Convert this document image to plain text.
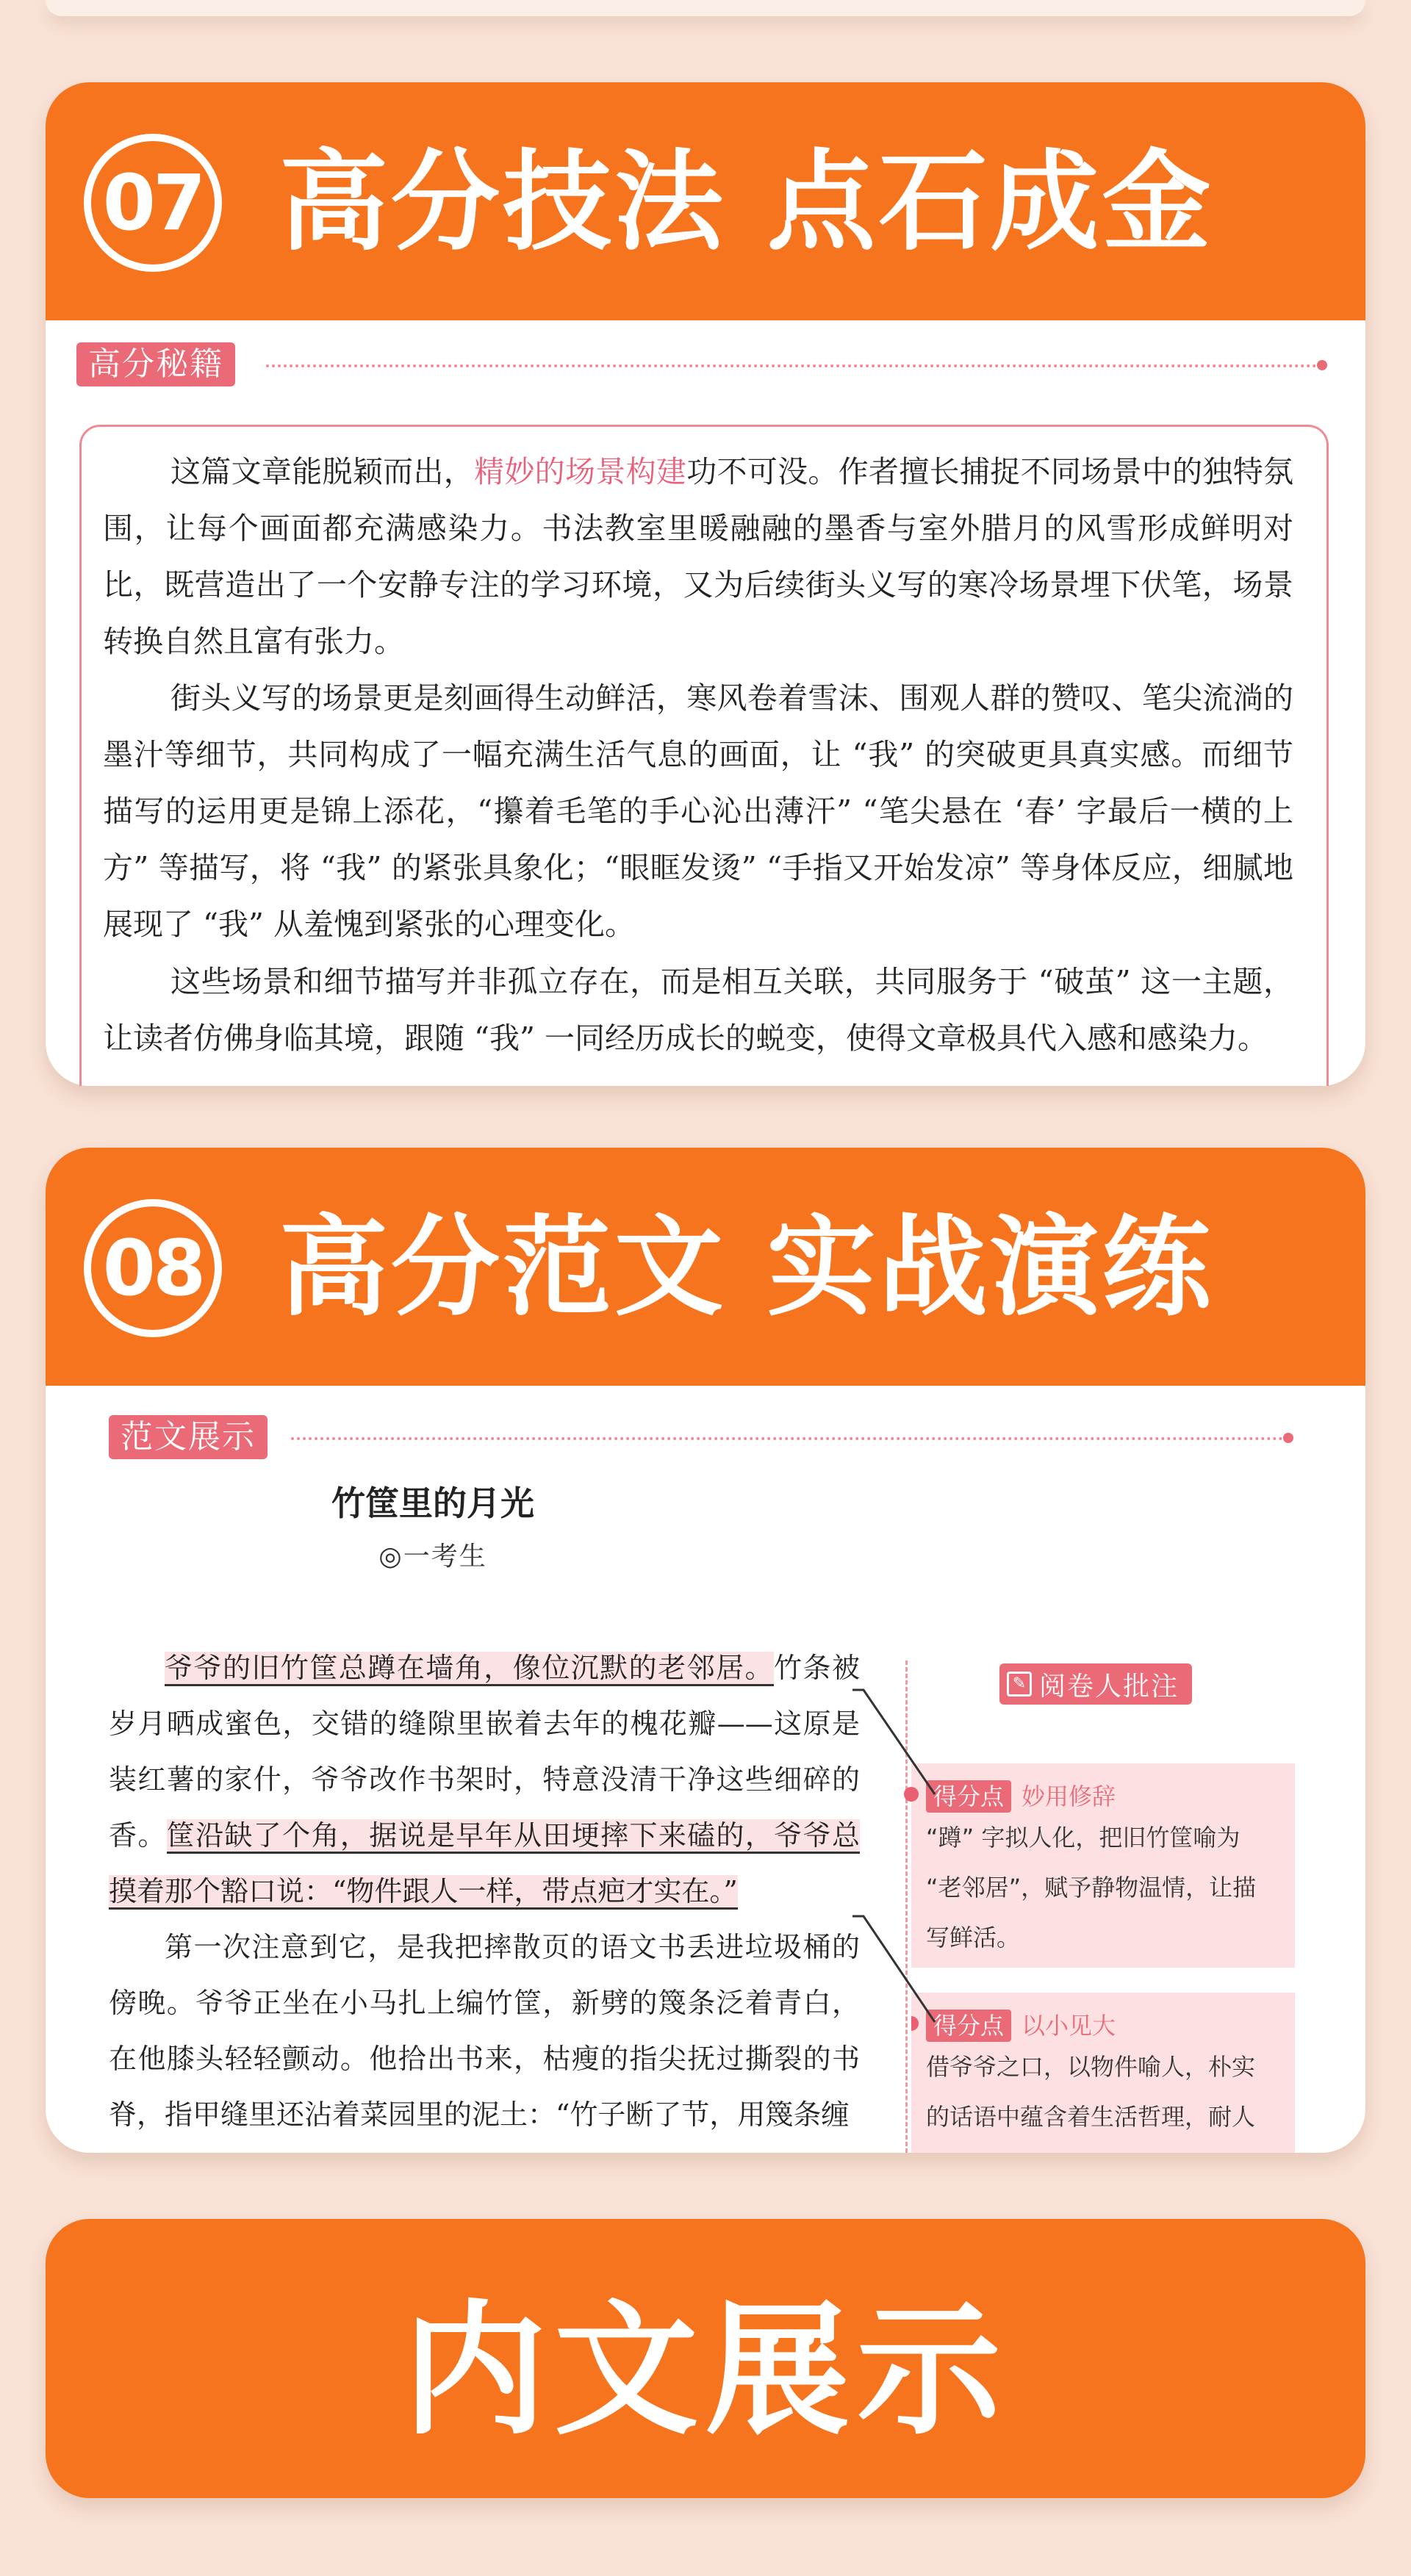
07 高分技法 点石成金
高分秘籍
这篇文章能脱颖而出，精妙的场景构建功不可没。作者擅长捕捉不同场景中的独特氛围，让每个画面都充满感染力。书法教室里暖融融的墨香与室外腊月的风雪形成鲜明对比，既营造出了一个安静专注的学习环境，又为后续街头义写的寒冷场景埋下伏笔，场景转换自然且富有张力。
街头义写的场景更是刻画得生动鲜活，寒风卷着雪沫、围观人群的赞叹、笔尖流淌的墨汁等细节，共同构成了一幅充满生活气息的画面，让 “我” 的突破更具真实感。而细节描写的运用更是锦上添花，“攥着毛笔的手心沁出薄汗” “笔尖悬在 ‘春’ 字最后一横的上方” 等描写，将 “我” 的紧张具象化；“眼眶发烫” “手指又开始发凉” 等身体反应，细腻地展现了 “我” 从羞愧到紧张的心理变化。
这些场景和细节描写并非孤立存在，而是相互关联，共同服务于 “破茧” 这一主题，让读者仿佛身临其境，跟随 “我” 一同经历成长的蜕变，使得文章极具代入感和感染力。
08 高分范文 实战演练
范文展示
竹筐里的月光
◎一考生
爷爷的旧竹筐总蹲在墙角，像位沉默的老邻居。竹条被岁月晒成蜜色，交错的缝隙里嵌着去年的槐花瓣——这原是装红薯的家什，爷爷改作书架时，特意没清干净这些细碎的香。筐沿缺了个角，据说是早年从田埂摔下来磕的，爷爷总摸着那个豁口说：“物件跟人一样，带点疤才实在。”
第一次注意到它，是我把摔散页的语文书丢进垃圾桶的傍晚。爷爷正坐在小马扎上编竹筐，新劈的篾条泛着青白，在他膝头轻轻颤动。他拾出书来，枯瘦的指尖抚过撕裂的书脊，指甲缝里还沾着菜园里的泥土：“竹子断了节，用篾条缠
✎ 阅卷人批注
得分点 妙用修辞
“蹲” 字拟人化，把旧竹筐喻为 “老邻居”，赋予静物温情，让描写鲜活。
得分点 以小见大
借爷爷之口，以物件喻人，朴实的话语中蕴含着生活哲理，耐人
内文展示
